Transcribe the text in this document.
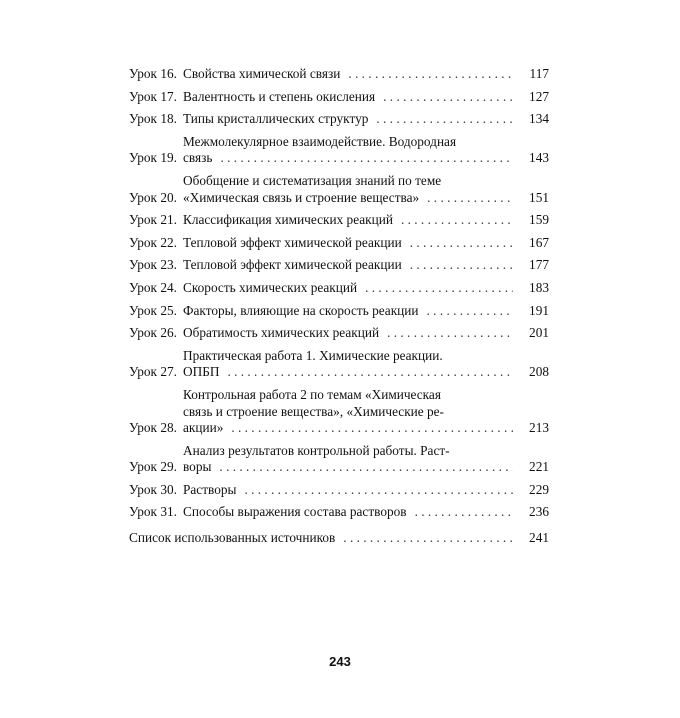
Урок 16. Свойства химической связи . . .	117
Урок 17. Валентность и степень окисления . . .	127
Урок 18. Типы кристаллических структур . . .	134
Урок 19.
Межмолекулярное взаимодействие. Водородная
связь . . .	143
Урок 20.
Обобщение и систематизация знаний по теме
«Химическая связь и строение вещества» . . .	151
Урок 21. Классификация химических реакций . . .	159
Урок 22. Тепловой эффект химической реакции . . .	167
Урок 23. Тепловой эффект химической реакции . . .	177
Урок 24. Скорость химических реакций . . .	183
Урок 25. Факторы, влияющие на скорость реакции . . .	191
Урок 26. Обратимость химических реакций . . .	201
Урок 27.
Практическая работа 1. Химические реакции.
ОПБП . . .	208
Урок 28.
Контрольная работа 2 по темам «Химическая
связь и строение вещества», «Химические ре-
акции» . . .	213
Урок 29.
Анализ результатов контрольной работы. Раст-
воры . . .	221
Урок 30. Растворы . . .	229
Урок 31. Способы выражения состава растворов . . .	236
Список использованных источников . . .	241
243
